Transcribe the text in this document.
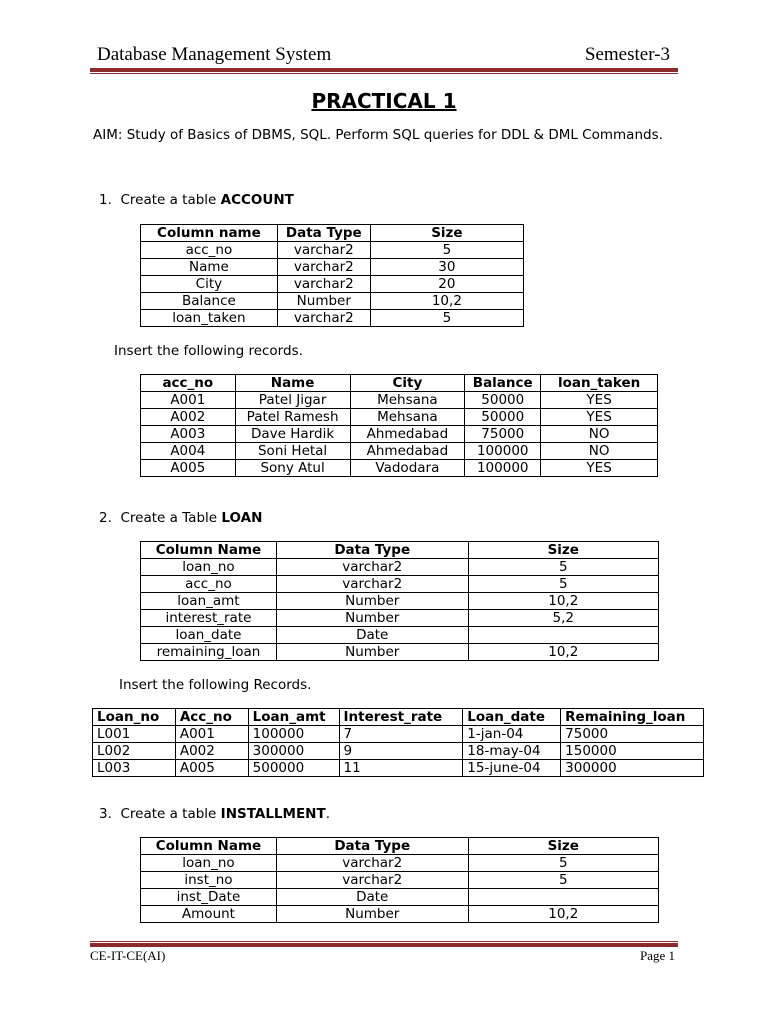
Database Management System	Semester-3
PRACTICAL 1
AIM: Study of Basics of DBMS, SQL. Perform SQL queries for DDL & DML Commands.
1.  Create a table ACCOUNT
Column name	Data Type	Size
acc_no	varchar2	5
Name	varchar2	30
City	varchar2	20
Balance	Number	10,2
loan_taken	varchar2	5
Insert the following records.
acc_no	Name	City	Balance	loan_taken
A001	Patel Jigar	Mehsana	50000	YES
A002	Patel Ramesh	Mehsana	50000	YES
A003	Dave Hardik	Ahmedabad	75000	NO
A004	Soni Hetal	Ahmedabad	100000	NO
A005	Sony Atul	Vadodara	100000	YES
2.  Create a Table LOAN
Column Name	Data Type	Size
loan_no	varchar2	5
acc_no	varchar2	5
loan_amt	Number	10,2
interest_rate	Number	5,2
loan_date	Date	
remaining_loan	Number	10,2
Insert the following Records.
Loan_no	Acc_no	Loan_amt	Interest_rate	Loan_date	Remaining_loan
L001	A001	100000	7	1-jan-04	75000
L002	A002	300000	9	18-may-04	150000
L003	A005	500000	11	15-june-04	300000
3.  Create a table INSTALLMENT.
Column Name	Data Type	Size
loan_no	varchar2	5
inst_no	varchar2	5
inst_Date	Date	
Amount	Number	10,2
CE-IT-CE(AI)	Page 1
